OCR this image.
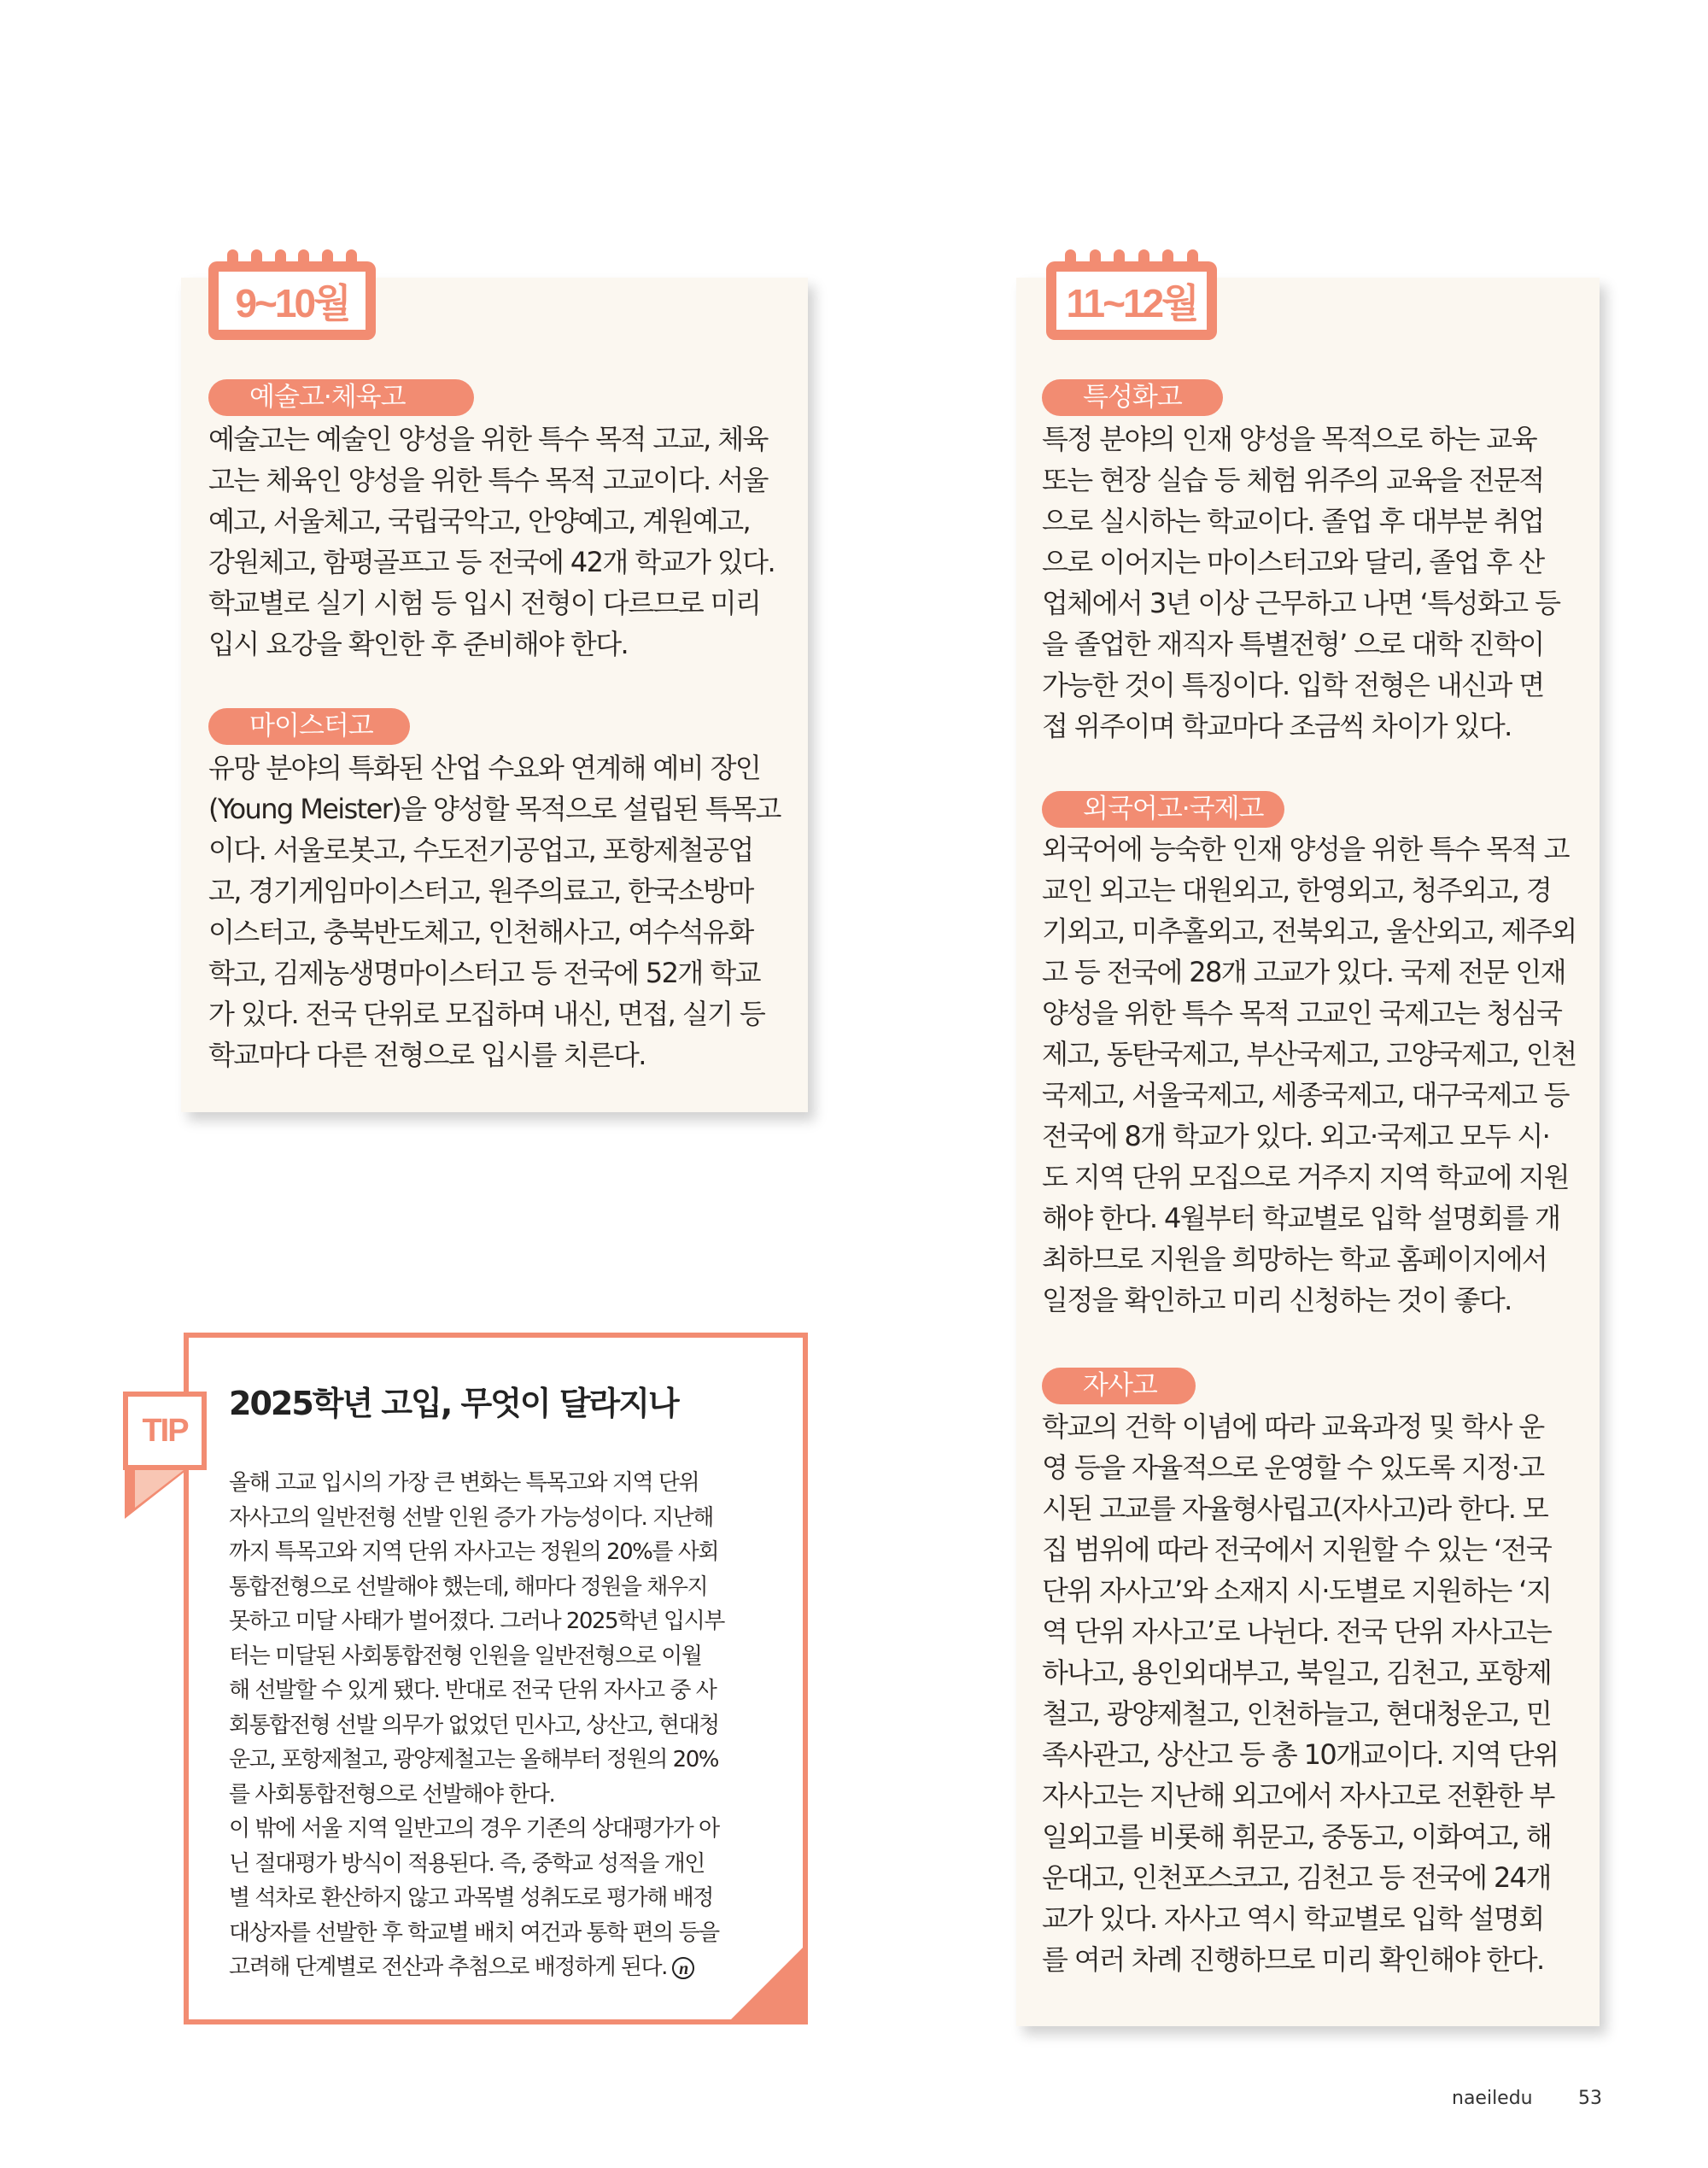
9~10월
예술고·체육고
예술고는 예술인 양성을 위한 특수 목적 고교, 체육
고는 체육인 양성을 위한 특수 목적 고교이다. 서울
예고, 서울체고, 국립국악고, 안양예고, 계원예고,
강원체고, 함평골프고 등 전국에 42개 학교가 있다.
학교별로 실기 시험 등 입시 전형이 다르므로 미리
입시 요강을 확인한 후 준비해야 한다.
마이스터고
유망 분야의 특화된 산업 수요와 연계해 예비 장인
(Young Meister)을 양성할 목적으로 설립된 특목고
이다. 서울로봇고, 수도전기공업고, 포항제철공업
고, 경기게임마이스터고, 원주의료고, 한국소방마
이스터고, 충북반도체고, 인천해사고, 여수석유화
학고, 김제농생명마이스터고 등 전국에 52개 학교
가 있다. 전국 단위로 모집하며 내신, 면접, 실기 등
학교마다 다른 전형으로 입시를 치른다.
11~12월
특성화고
특정 분야의 인재 양성을 목적으로 하는 교육
또는 현장 실습 등 체험 위주의 교육을 전문적
으로 실시하는 학교이다. 졸업 후 대부분 취업
으로 이어지는 마이스터고와 달리, 졸업 후 산
업체에서 3년 이상 근무하고 나면 ‘특성화고 등
을 졸업한 재직자 특별전형’ 으로 대학 진학이
가능한 것이 특징이다. 입학 전형은 내신과 면
접 위주이며 학교마다 조금씩 차이가 있다.
외국어고·국제고
외국어에 능숙한 인재 양성을 위한 특수 목적 고
교인 외고는 대원외고, 한영외고, 청주외고, 경
기외고, 미추홀외고, 전북외고, 울산외고, 제주외
고 등 전국에 28개 고교가 있다. 국제 전문 인재
양성을 위한 특수 목적 고교인 국제고는 청심국
제고, 동탄국제고, 부산국제고, 고양국제고, 인천
국제고, 서울국제고, 세종국제고, 대구국제고 등
전국에 8개 학교가 있다. 외고·국제고 모두 시·
도 지역 단위 모집으로 거주지 지역 학교에 지원
해야 한다. 4월부터 학교별로 입학 설명회를 개
최하므로 지원을 희망하는 학교 홈페이지에서
일정을 확인하고 미리 신청하는 것이 좋다.
자사고
학교의 건학 이념에 따라 교육과정 및 학사 운
영 등을 자율적으로 운영할 수 있도록 지정·고
시된 고교를 자율형사립고(자사고)라 한다. 모
집 범위에 따라 전국에서 지원할 수 있는 ‘전국
단위 자사고’와 소재지 시·도별로 지원하는 ‘지
역 단위 자사고’로 나뉜다. 전국 단위 자사고는
하나고, 용인외대부고, 북일고, 김천고, 포항제
철고, 광양제철고, 인천하늘고, 현대청운고, 민
족사관고, 상산고 등 총 10개교이다. 지역 단위
자사고는 지난해 외고에서 자사고로 전환한 부
일외고를 비롯해 휘문고, 중동고, 이화여고, 해
운대고, 인천포스코고, 김천고 등 전국에 24개
교가 있다. 자사고 역시 학교별로 입학 설명회
를 여러 차례 진행하므로 미리 확인해야 한다.
TIP
2025학년 고입, 무엇이 달라지나
올해 고교 입시의 가장 큰 변화는 특목고와 지역 단위
자사고의 일반전형 선발 인원 증가 가능성이다. 지난해
까지 특목고와 지역 단위 자사고는 정원의 20%를 사회
통합전형으로 선발해야 했는데, 해마다 정원을 채우지
못하고 미달 사태가 벌어졌다. 그러나 2025학년 입시부
터는 미달된 사회통합전형 인원을 일반전형으로 이월
해 선발할 수 있게 됐다. 반대로 전국 단위 자사고 중 사
회통합전형 선발 의무가 없었던 민사고, 상산고, 현대청
운고, 포항제철고, 광양제철고는 올해부터 정원의 20%
를 사회통합전형으로 선발해야 한다.
이 밖에 서울 지역 일반고의 경우 기존의 상대평가가 아
닌 절대평가 방식이 적용된다. 즉, 중학교 성적을 개인
별 석차로 환산하지 않고 과목별 성취도로 평가해 배정
대상자를 선발한 후 학교별 배치 여건과 통학 편의 등을
고려해 단계별로 전산과 추첨으로 배정하게 된다. n
naeiledu 53
